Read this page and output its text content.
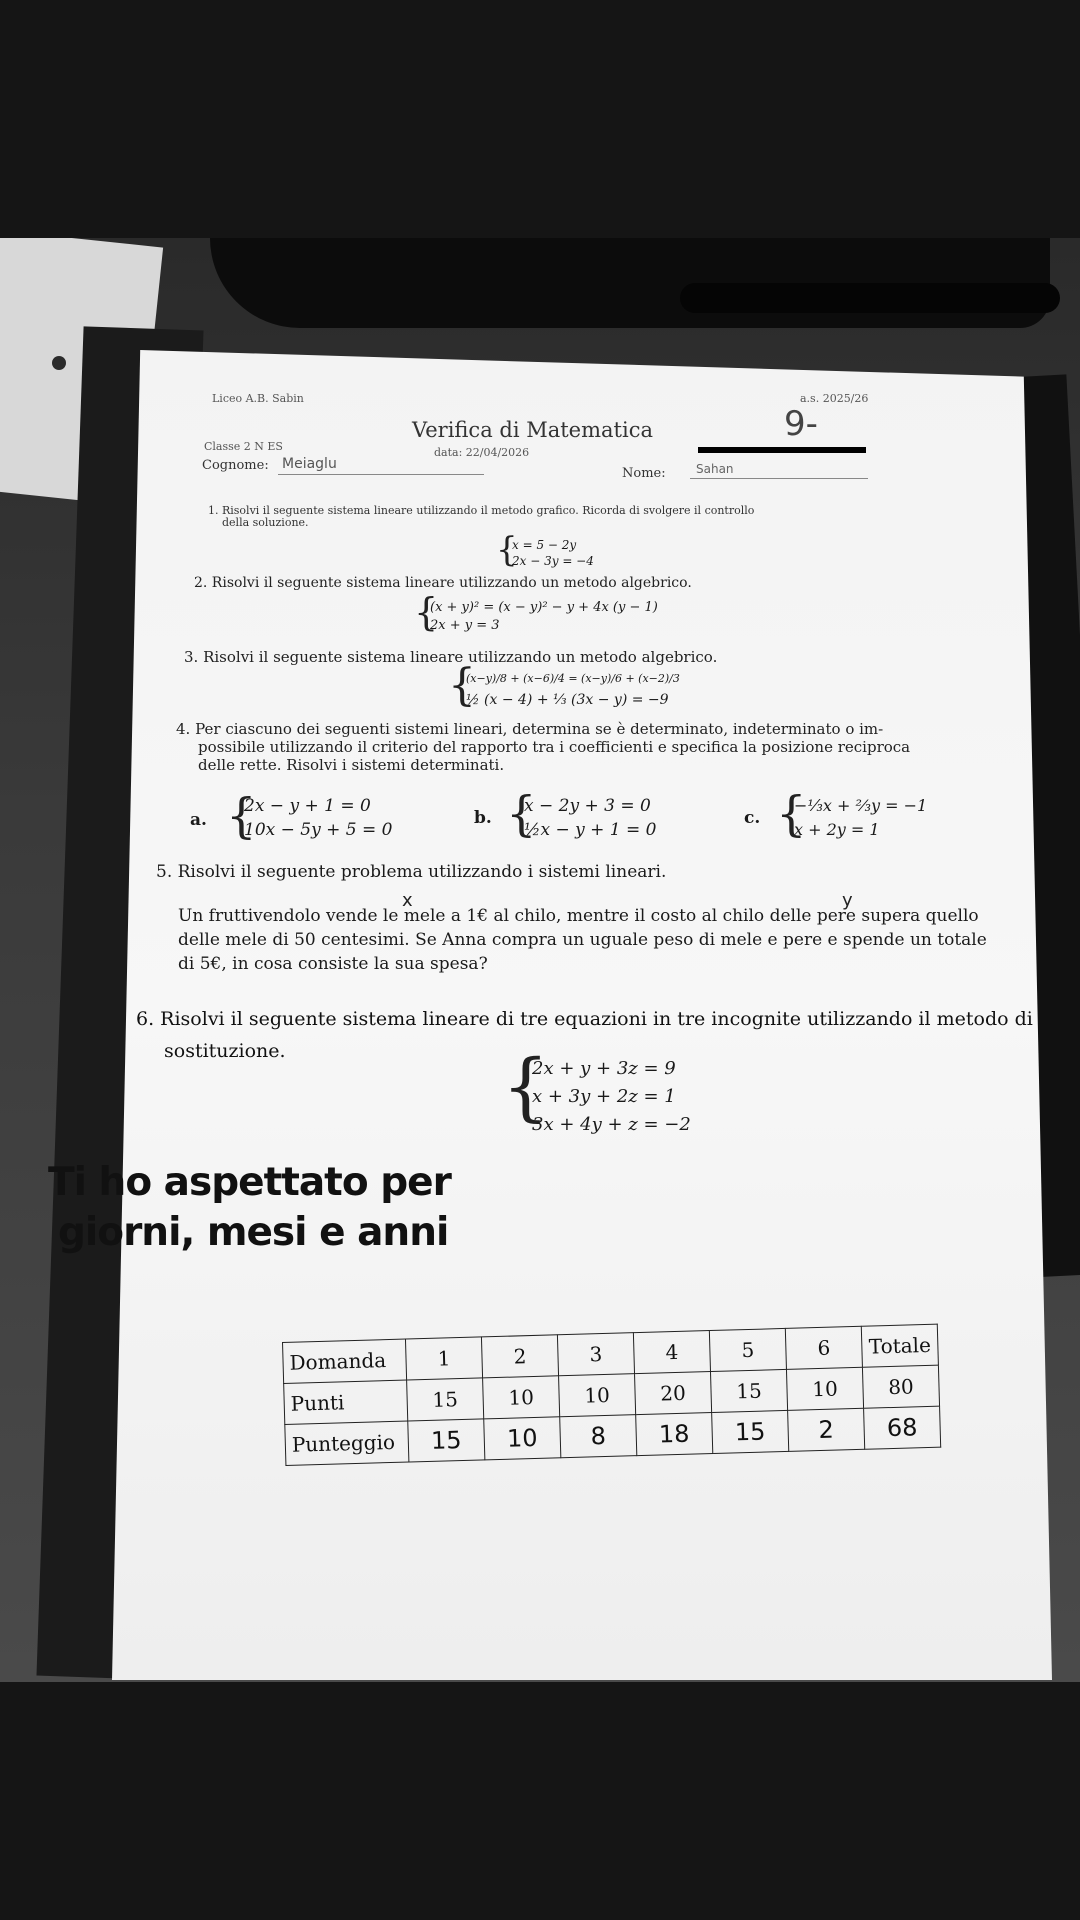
Liceo A.B. Sabin	a.s. 2025/26
Verifica di Matematica	9-
Classe 2 N ES	data: 22/04/2026
Cognome: Meiaglu
Nome:	Sahan
1. Risolvi il seguente sistema lineare utilizzando il metodo grafico. Ricorda di svolgere il controllo
della soluzione.
{
x = 5 − 2y
2x − 3y = −4
2. Risolvi il seguente sistema lineare utilizzando un metodo algebrico.
{
(x + y)² = (x − y)² − y + 4x (y − 1)
2x + y = 3
3. Risolvi il seguente sistema lineare utilizzando un metodo algebrico.
{
(x−y)/8 + (x−6)/4 = (x−y)/6 + (x−2)/3
½ (x − 4) + ⅓ (3x − y) = −9
4. Per ciascuno dei seguenti sistemi lineari, determina se è determinato, indeterminato o im-
possibile utilizzando il criterio del rapporto tra i coefficienti e specifica la posizione reciproca
delle rette. Risolvi i sistemi determinati.
a. {
2x − y + 1 = 0
10x − 5y + 5 = 0
b. {
x − 2y + 3 = 0
½x − y + 1 = 0
c. {
−⅓x + ⅔y = −1
x + 2y = 1
5. Risolvi il seguente problema utilizzando i sistemi lineari.
x	y
Un fruttivendolo vende le mele a 1€ al chilo, mentre il costo al chilo delle pere supera quello
delle mele di 50 centesimi. Se Anna compra un uguale peso di mele e pere e spende un totale
di 5€, in cosa consiste la sua spesa?
6. Risolvi il seguente sistema lineare di tre equazioni in tre incognite utilizzando il metodo di
sostituzione.	{
2x + y + 3z = 9
x + 3y + 2z = 1
3x + 4y + z = −2
Ti ho aspettato per
giorni, mesi e anni
Domanda	1	2	3	4	5	6	Totale
Punti	15	10	10	20	15	10	80
Punteggio	15	10	8	18	15	2	68
